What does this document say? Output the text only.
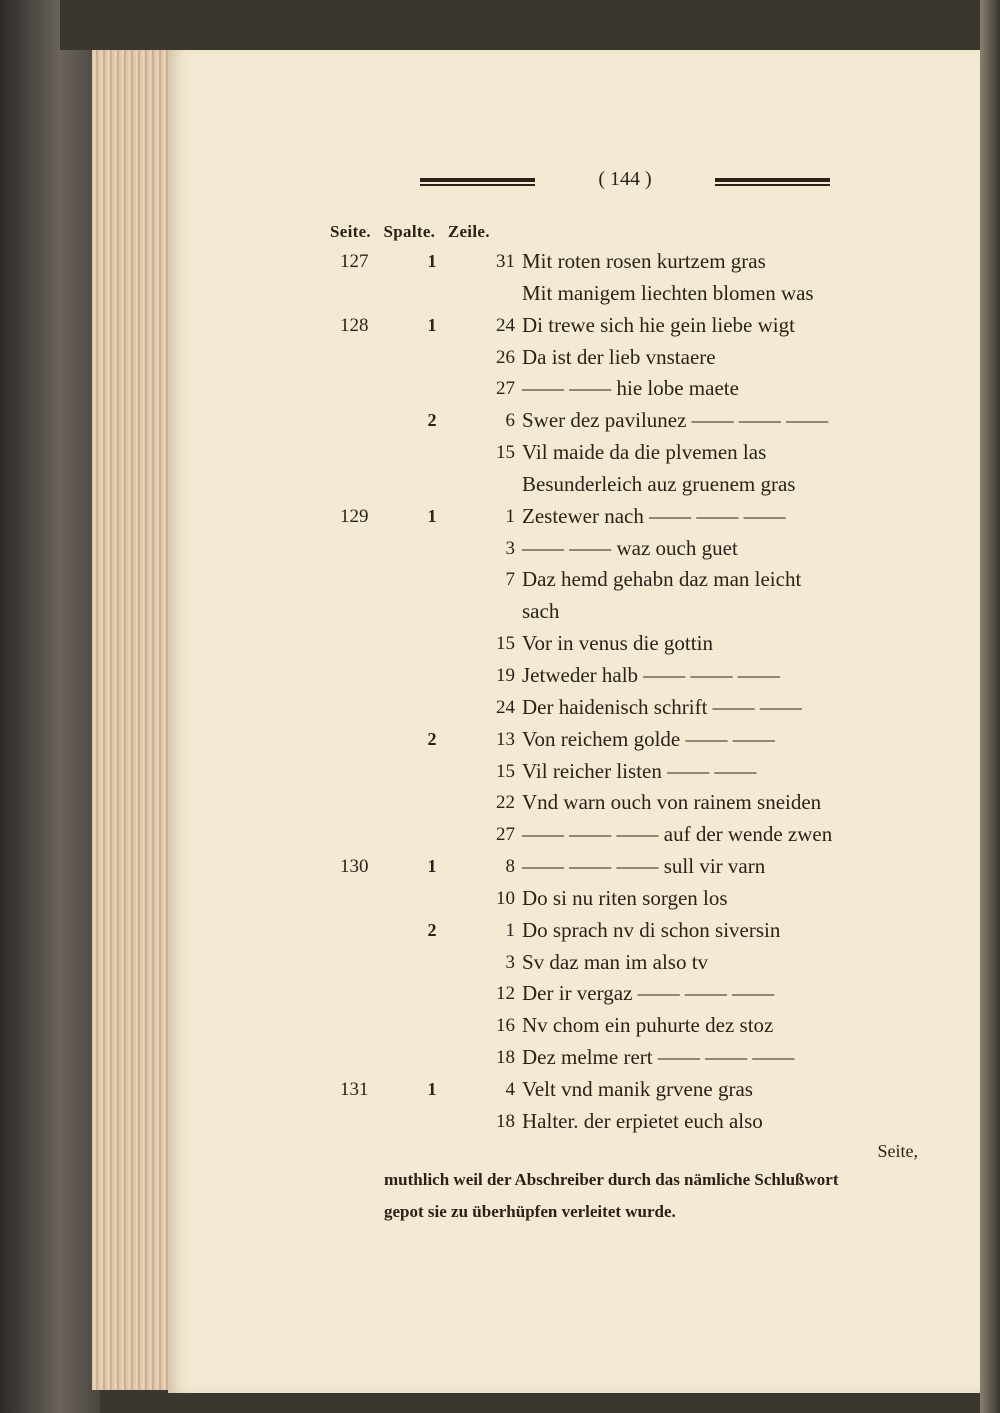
( 144 )
Seite. Spalte. Zeile.
127	1	31 Mit roten rosen kurtzem gras
Mit manigem liechten blomen was
128	1	24 Di trewe sich hie gein liebe wigt
26 Da ist der lieb vnstaere
27 —— —— hie lobe maete
2	6 Swer dez pavilunez —— —— ——
15 Vil maide da die plvemen las
Besunderleich auz gruenem gras
129	1	1 Zestewer nach —— —— ——
3 —— —— waz ouch guet
7 Daz hemd gehabn daz man leicht
sach
15 Vor in venus die gottin
19 Jetweder halb —— —— ——
24 Der haidenisch schrift —— ——
2	13 Von reichem golde —— ——
15 Vil reicher listen —— ——
22 Vnd warn ouch von rainem sneiden
27 —— —— —— auf der wende zwen
130	1	8 —— —— —— sull vir varn
10 Do si nu riten sorgen los
2	1 Do sprach nv di schon siversin
3 Sv daz man im also tv
12 Der ir vergaz —— —— ——
16 Nv chom ein puhurte dez stoz
18 Dez melme rert —— —— ——
131	1	4 Velt vnd manik grvene gras
18 Halter. der erpietet euch also
Seite,
muthlich weil der Abschreiber durch das nämliche Schlußwort
gepot sie zu überhüpfen verleitet wurde.
